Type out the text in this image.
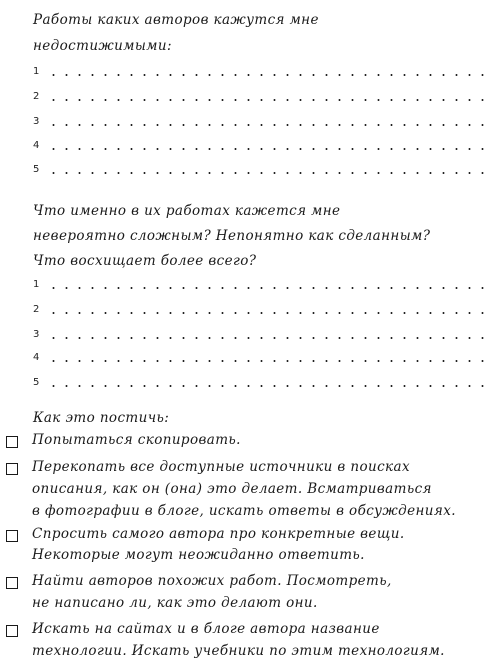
Работы каких авторов кажутся мне
недостижимыми:
1
2
3
4
5
Что именно в их работах кажется мне
невероятно сложным? Непонятно как сделанным?
Что восхищает более всего?
1
2
3
4
5
Как это постичь:
Попытаться скопировать.
Перекопать все доступные источники в поисках
описания, как он (она) это делает. Всматриваться
в фотографии в блоге, искать ответы в обсуждениях.
Спросить самого автора про конкретные вещи.
Некоторые могут неожиданно ответить.
Найти авторов похожих работ. Посмотреть,
не написано ли, как это делают они.
Искать на сайтах и в блоге автора название
технологии. Искать учебники по этим технологиям.
